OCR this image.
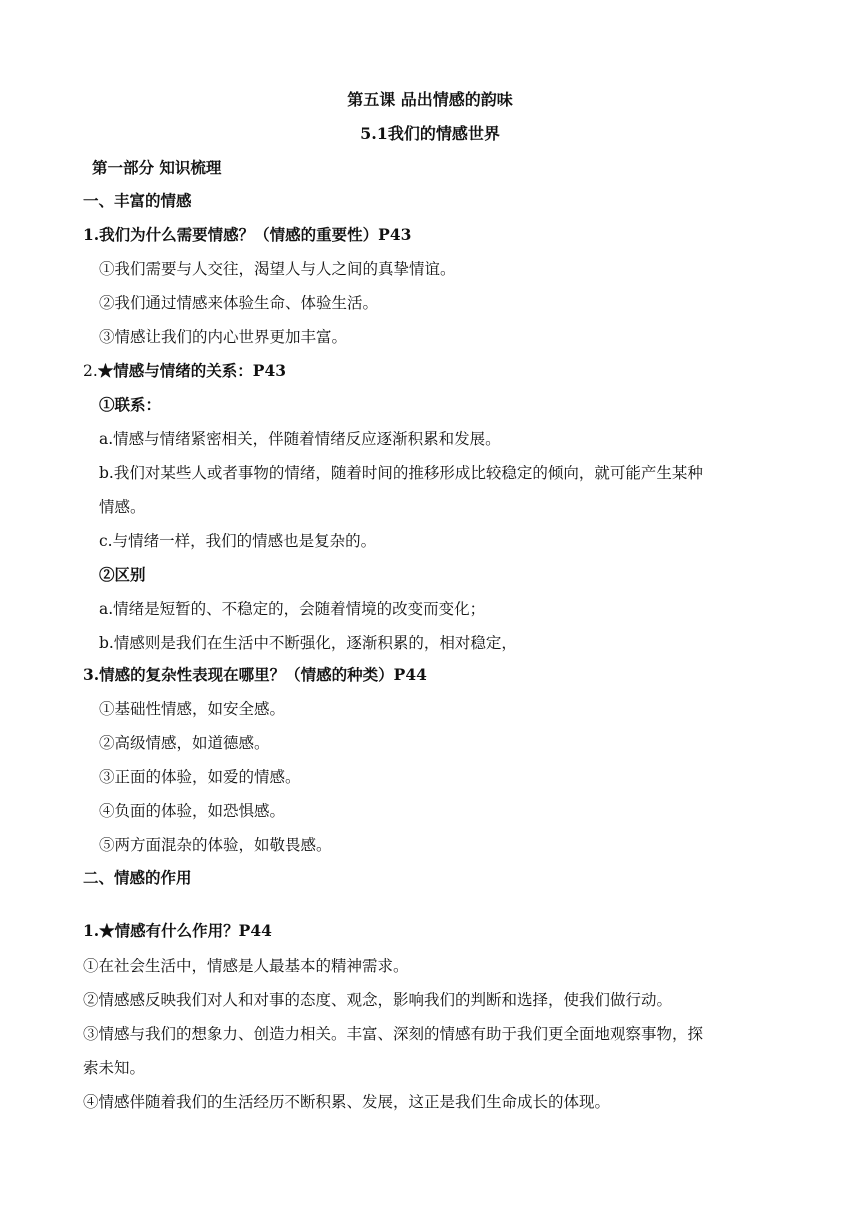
第五课 品出情感的韵味
5.1我们的情感世界
第一部分 知识梳理
一、丰富的情感
1.我们为什么需要情感？（情感的重要性）P43
①我们需要与人交往，渴望人与人之间的真挚情谊。
②我们通过情感来体验生命、体验生活。
③情感让我们的内心世界更加丰富。
2.★情感与情绪的关系：P43
①联系：
a.情感与情绪紧密相关，伴随着情绪反应逐渐积累和发展。
b.我们对某些人或者事物的情绪，随着时间的推移形成比较稳定的倾向，就可能产生某种
情感。
c.与情绪一样，我们的情感也是复杂的。
②区别
a.情绪是短暂的、不稳定的，会随着情境的改变而变化；
b.情感则是我们在生活中不断强化，逐渐积累的，相对稳定，
3.情感的复杂性表现在哪里？（情感的种类）P44
①基础性情感，如安全感。
②高级情感，如道德感。
③正面的体验，如爱的情感。
④负面的体验，如恐惧感。
⑤两方面混杂的体验，如敬畏感。
二、情感的作用
1.★情感有什么作用？P44
①在社会生活中，情感是人最基本的精神需求。
②情感感反映我们对人和对事的态度、观念，影响我们的判断和选择，使我们做行动。
③情感与我们的想象力、创造力相关。丰富、深刻的情感有助于我们更全面地观察事物，探
索未知。
④情感伴随着我们的生活经历不断积累、发展，这正是我们生命成长的体现。
